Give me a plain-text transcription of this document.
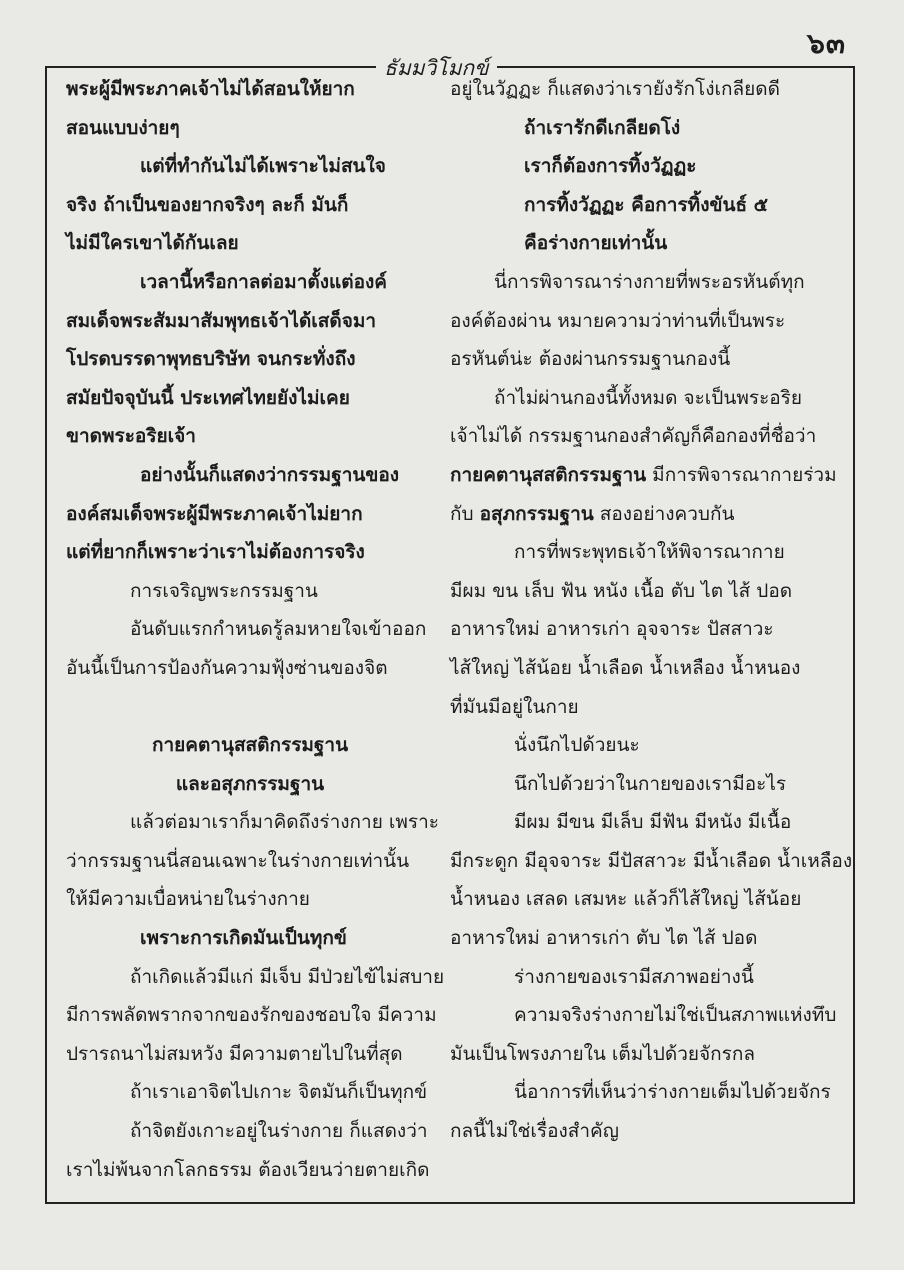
๖๓
ธัมมวิโมกข์

พระผู้มีพระภาคเจ้าไม่ได้สอนให้ยาก

สอนแบบง่ายๆ

แต่ที่ทำกันไม่ได้เพราะไม่สนใจ

จริง ถ้าเป็นของยากจริงๆ ละก็ มันก็

ไม่มีใครเขาได้กันเลย

เวลานี้หรือกาลต่อมาตั้งแต่องค์

สมเด็จพระสัมมาสัมพุทธเจ้าได้เสด็จมา

โปรดบรรดาพุทธบริษัท จนกระทั่งถึง

สมัยปัจจุบันนี้ ประเทศไทยยังไม่เคย

ขาดพระอริยเจ้า

อย่างนั้นก็แสดงว่ากรรมฐานของ

องค์สมเด็จพระผู้มีพระภาคเจ้าไม่ยาก

แต่ที่ยากก็เพราะว่าเราไม่ต้องการจริง

การเจริญพระกรรมฐาน

อันดับแรกกำหนดรู้ลมหายใจเข้าออก

อันนี้เป็นการป้องกันความฟุ้งซ่านของจิต

กายคตานุสสติกรรมฐาน

และอสุภกรรมฐาน

แล้วต่อมาเราก็มาคิดถึงร่างกาย เพราะ

ว่ากรรมฐานนี่สอนเฉพาะในร่างกายเท่านั้น

ให้มีความเบื่อหน่ายในร่างกาย

เพราะการเกิดมันเป็นทุกข์

ถ้าเกิดแล้วมีแก่ มีเจ็บ มีป่วยไข้ไม่สบาย

มีการพลัดพรากจากของรักของชอบใจ มีความ

ปรารถนาไม่สมหวัง มีความตายไปในที่สุด

ถ้าเราเอาจิตไปเกาะ จิตมันก็เป็นทุกข์

ถ้าจิตยังเกาะอยู่ในร่างกาย ก็แสดงว่า

เราไม่พ้นจากโลกธรรม ต้องเวียนว่ายตายเกิด

อยู่ในวัฏฏะ ก็แสดงว่าเรายังรักโง่เกลียดดี

ถ้าเรารักดีเกลียดโง่

เราก็ต้องการทิ้งวัฏฏะ

การทิ้งวัฏฏะ คือการทิ้งขันธ์ ๕

คือร่างกายเท่านั้น

นี่การพิจารณาร่างกายที่พระอรหันต์ทุก

องค์ต้องผ่าน หมายความว่าท่านที่เป็นพระ

อรหันต์น่ะ ต้องผ่านกรรมฐานกองนี้

ถ้าไม่ผ่านกองนี้ทั้งหมด จะเป็นพระอริย

เจ้าไม่ได้ กรรมฐานกองสำคัญก็คือกองที่ชื่อว่า

กายคตานุสสติกรรมฐาน มีการพิจารณากายร่วม

กับ อสุภกรรมฐาน สองอย่างควบกัน

การที่พระพุทธเจ้าให้พิจารณากาย

มีผม ขน เล็บ ฟัน หนัง เนื้อ ตับ ไต ไส้ ปอด

อาหารใหม่ อาหารเก่า อุจจาระ ปัสสาวะ

ไส้ใหญ่ ไส้น้อย น้ำเลือด น้ำเหลือง น้ำหนอง

ที่มันมีอยู่ในกาย

นั่งนึกไปด้วยนะ

นึกไปด้วยว่าในกายของเรามีอะไร

มีผม มีขน มีเล็บ มีฟัน มีหนัง มีเนื้อ

มีกระดูก มีอุจจาระ มีปัสสาวะ มีน้ำเลือด น้ำเหลือง

น้ำหนอง เสลด เสมหะ แล้วก็ไส้ใหญ่ ไส้น้อย

อาหารใหม่ อาหารเก่า ตับ ไต ไส้ ปอด

ร่างกายของเรามีสภาพอย่างนี้

ความจริงร่างกายไม่ใช่เป็นสภาพแห่งทึบ

มันเป็นโพรงภายใน เต็มไปด้วยจักรกล

นี่อาการที่เห็นว่าร่างกายเต็มไปด้วยจักร

กลนี้ไม่ใช่เรื่องสำคัญ
